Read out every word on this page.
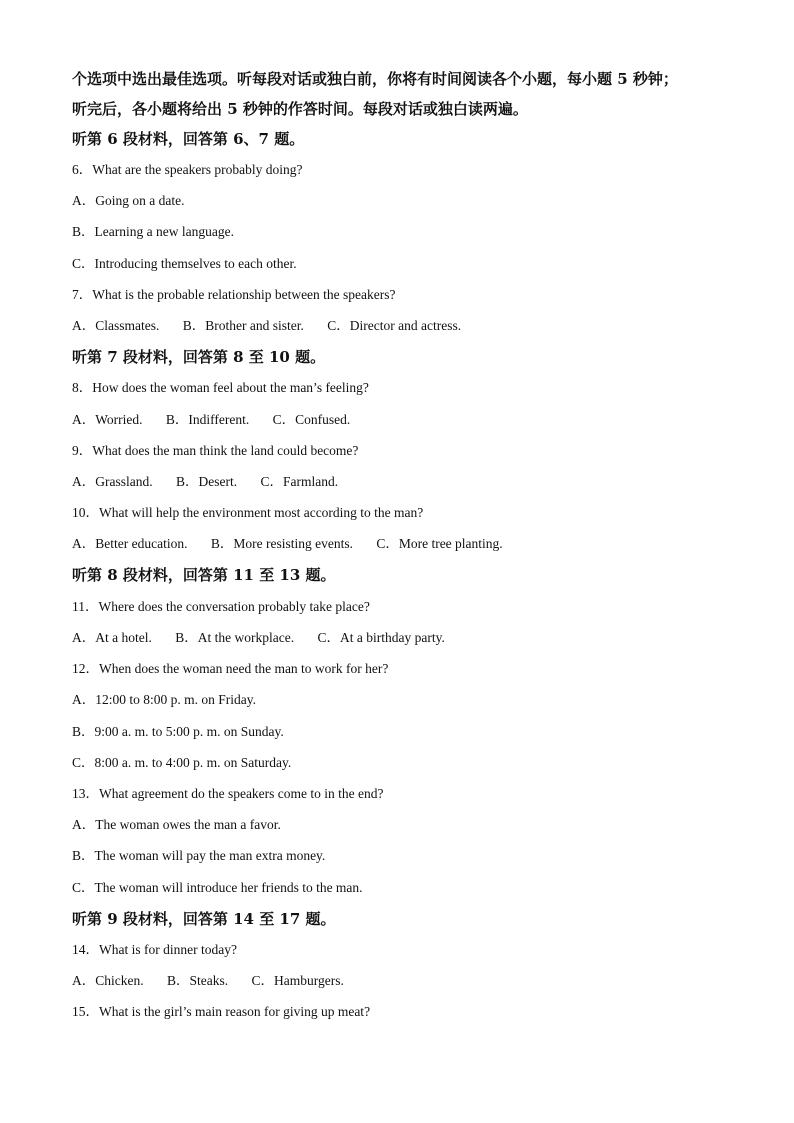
个选项中选出最佳选项。听每段对话或独白前，你将有时间阅读各个小题，每小题 5 秒钟；
听完后，各小题将给出 5 秒钟的作答时间。每段对话或独白读两遍。
听第 6 段材料，回答第 6、7 题。
6．What are the speakers probably doing?
A．Going on a date.
B．Learning a new language.
C．Introducing themselves to each other.
7．What is the probable relationship between the speakers?
A．Classmates. B．Brother and sister. C．Director and actress.
听第 7 段材料，回答第 8 至 10 题。
8．How does the woman feel about the man’s feeling?
A．Worried. B．Indifferent. C．Confused.
9．What does the man think the land could become?
A．Grassland. B．Desert. C．Farmland.
10．What will help the environment most according to the man?
A．Better education. B．More resisting events. C．More tree planting.
听第 8 段材料，回答第 11 至 13 题。
11．Where does the conversation probably take place?
A．At a hotel. B．At the workplace. C．At a birthday party.
12．When does the woman need the man to work for her?
A．12:00 to 8:00 p. m. on Friday.
B．9:00 a. m. to 5:00 p. m. on Sunday.
C．8:00 a. m. to 4:00 p. m. on Saturday.
13．What agreement do the speakers come to in the end?
A．The woman owes the man a favor.
B．The woman will pay the man extra money.
C．The woman will introduce her friends to the man.
听第 9 段材料，回答第 14 至 17 题。
14．What is for dinner today?
A．Chicken. B．Steaks. C．Hamburgers.
15．What is the girl’s main reason for giving up meat?
